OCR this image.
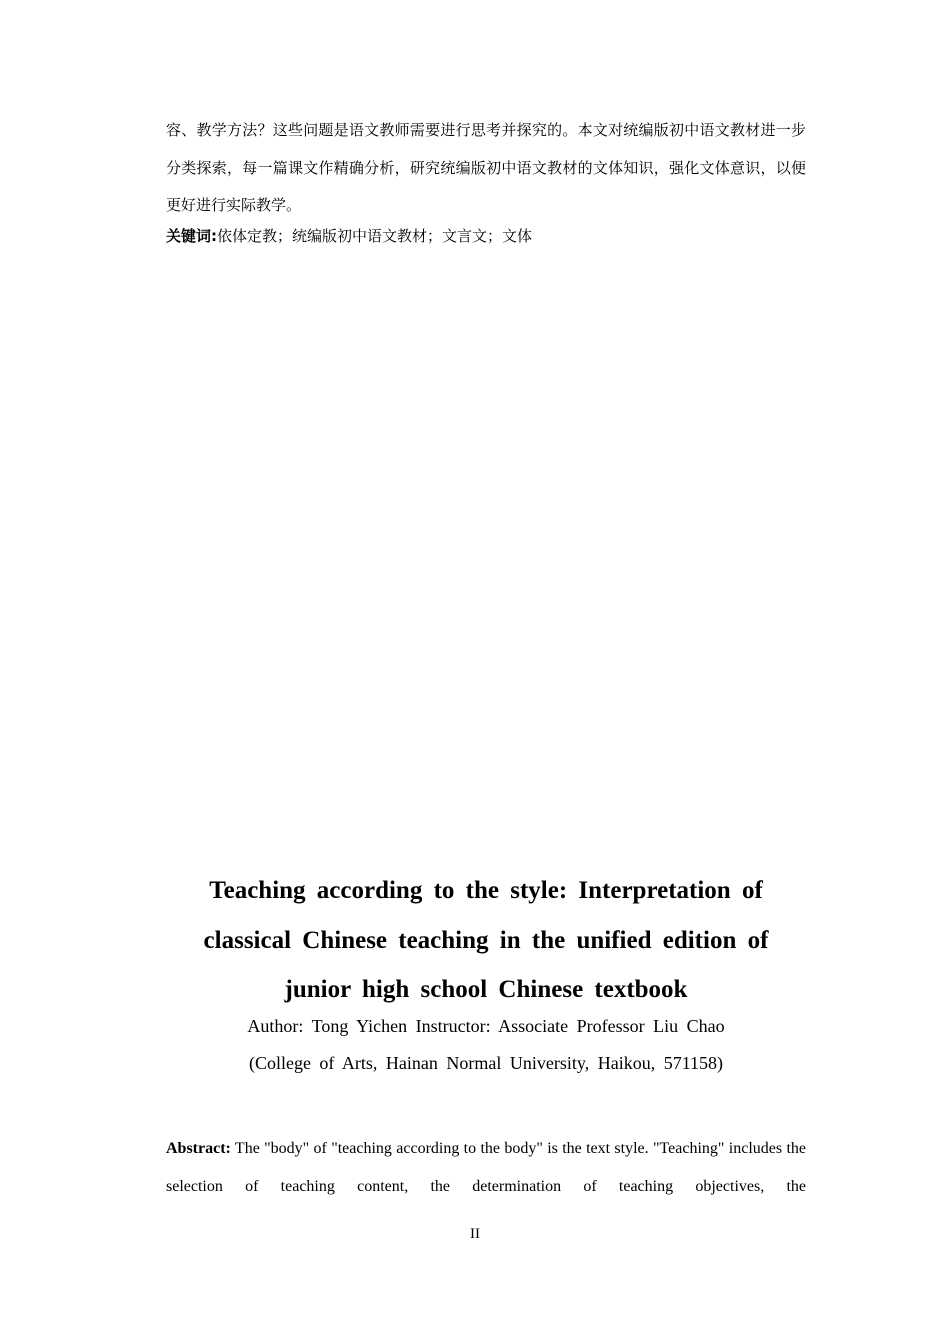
容、教学方法？这些问题是语文教师需要进行思考并探究的。本文对统编版初中语文教材进一步分类探索，每一篇课文作精确分析，研究统编版初中语文教材的文体知识，强化文体意识，以便更好进行实际教学。

关键词:依体定教；统编版初中语文教材；文言文；文体

Teaching according to the style: Interpretation of classical Chinese teaching in the unified edition of junior high school Chinese textbook

Author: Tong Yichen Instructor: Associate Professor Liu Chao

(College of Arts, Hainan Normal University, Haikou, 571158)

Abstract: The "body" of "teaching according to the body" is the text style. "Teaching" includes the selection of teaching content, the determination of teaching objectives, the

II
